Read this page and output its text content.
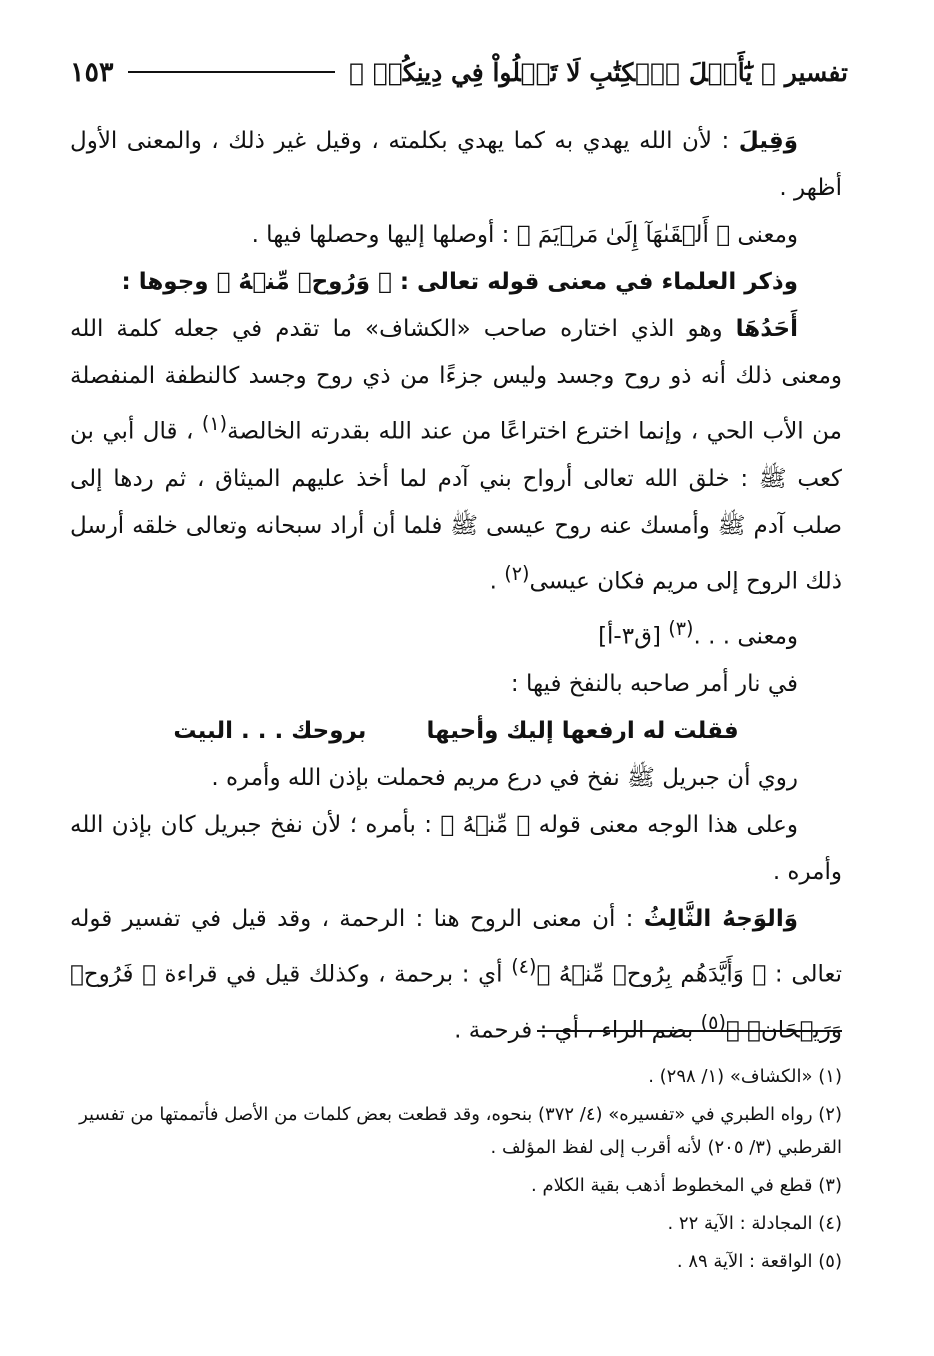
تفسير ﴿ يَٰٓأَهۡلَ ٱلۡكِتَٰبِ لَا تَغۡلُواْ فِي دِينِكُمۡ ﴾
١٥٣

وَقِيلَ : لأن الله يهدي به كما يهدي بكلمته ، وقيل غير ذلك ، والمعنى الأول أظهر .

ومعنى ﴿ أَلۡقَىٰهَآ إِلَىٰ مَرۡيَمَ ﴾ : أوصلها إليها وحصلها فيها .

وذكر العلماء في معنى قوله تعالى : ﴿ وَرُوحٞ مِّنۡهُ ﴾ وجوها :

أَحَدُهَا وهو الذي اختاره صاحب «الكشاف» ما تقدم في جعله كلمة الله ومعنى ذلك أنه ذو روح وجسد وليس جزءًا من ذي روح وجسد كالنطفة المنفصلة من الأب الحي ، وإنما اخترع اختراعًا من عند الله بقدرته الخالصة$^{(١)}$ ، قال أبي بن كعب ﷺ : خلق الله تعالى أرواح بني آدم لما أخذ عليهم الميثاق ، ثم ردها إلى صلب آدم ﷺ وأمسك عنه روح عيسى ﷺ فلما أن أراد سبحانه وتعالى خلقه أرسل ذلك الروح إلى مريم فكان عيسى$^{(٢)}$ .

ومعنى . . .$^{(٣)}$ [ق٣-أ]

في نار أمر صاحبه بالنفخ فيها :

فقلت له ارفعها إليك وأحيها
بروحك . . . البيت

روي أن جبريل ﷺ نفخ في درع مريم فحملت بإذن الله وأمره .

وعلى هذا الوجه معنى قوله ﴿ مِّنۡهُ ﴾ : بأمره ؛ لأن نفخ جبريل كان بإذن الله وأمره .

وَالوَجهُ الثَّالِثُ : أن معنى الروح هنا : الرحمة ، وقد قيل في تفسير قوله تعالى : ﴿ وَأَيَّدَهُم بِرُوحٖ مِّنۡهُ ﴾$^{(٤)}$ أي : برحمة ، وكذلك قيل في قراءة ﴿ فَرُوحٞ وَرَيۡحَانٞ ﴾$^{(٥)}$ بضم الراء ، أي : فرحمة .

(١) «الكشاف» (١/ ٢٩٨) .

(٢) رواه الطبري في «تفسيره» (٤/ ٣٧٢) بنحوه، وقد قطعت بعض كلمات من الأصل فأتممتها من تفسير القرطبي (٣/ ٢٠٥) لأنه أقرب إلى لفظ المؤلف .

(٣) قطع في المخطوط أذهب بقية الكلام .

(٤) المجادلة : الآية ٢٢ .

(٥) الواقعة : الآية ٨٩ .
